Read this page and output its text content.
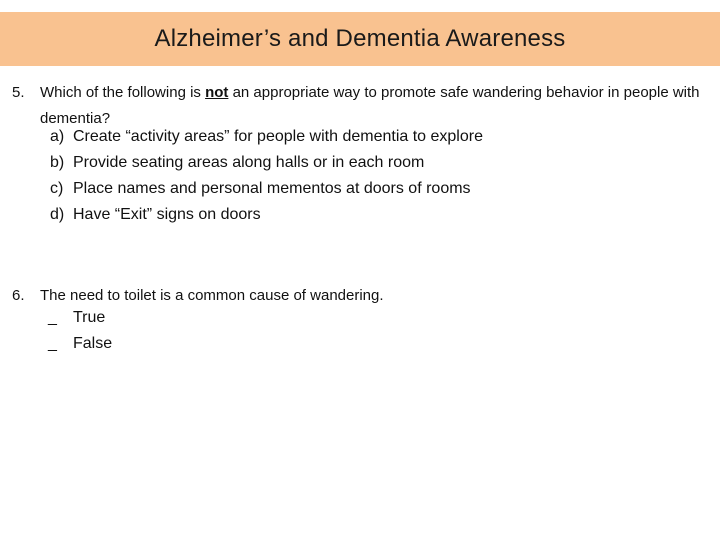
Alzheimer’s and Dementia Awareness
5. Which of the following is not an appropriate way to promote safe wandering behavior in people with dementia?
a) Create “activity areas” for people with dementia to explore
b) Provide seating areas along halls or in each room
c) Place names and personal mementos at doors of rooms
d) Have “Exit” signs on doors
6. The need to toilet is a common cause of wandering.
_ True
_ False
